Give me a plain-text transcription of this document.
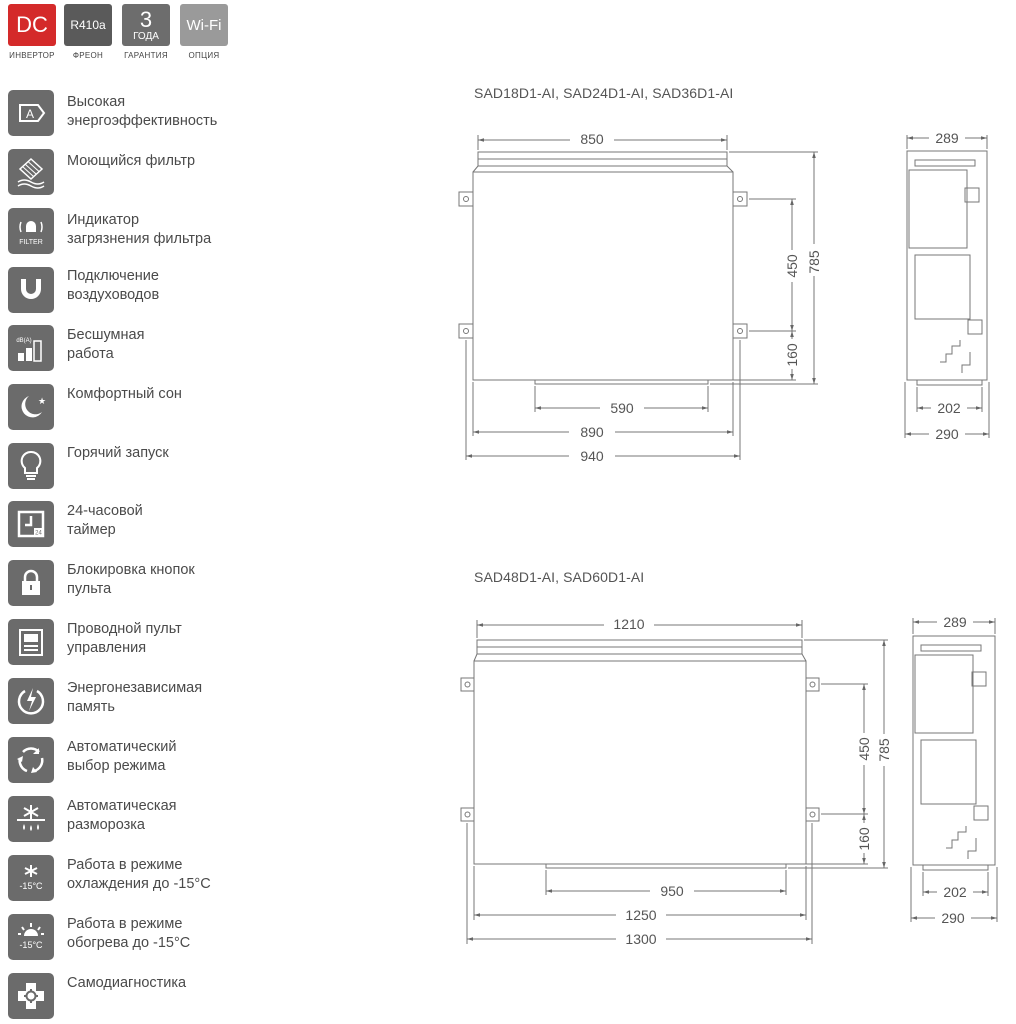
DC
ИНВЕРТОР
R410a
ФРЕОН
3
ГОДА
ГАРАНТИЯ
Wi-Fi
ОПЦИЯ
A
Высокая
энергоэффективность
Моющийся фильтр
FILTER
Индикатор
загрязнения фильтра
Подключение
воздуховодов
dB(A) Бесшумная
работа
★ Комфортный сон
Горячий запуск
24
24-часовой
таймер
Блокировка кнопок
пульта
Проводной пульт
управления
Энергонезависимая
память
Автоматический
выбор режима
Автоматическая
разморозка
-15°C
Работа в режиме
охлаждения до -15°С
-15°C
Работа в режиме
обогрева до -15°С
Самодиагностика
SAD18D1-AI, SAD24D1-AI, SAD36D1-AI
SAD48D1-AI, SAD60D1-AI
850
590
890
940
450 785
160
289
202
290
1210
950
1250
1300
450 785
160
289
202
290
